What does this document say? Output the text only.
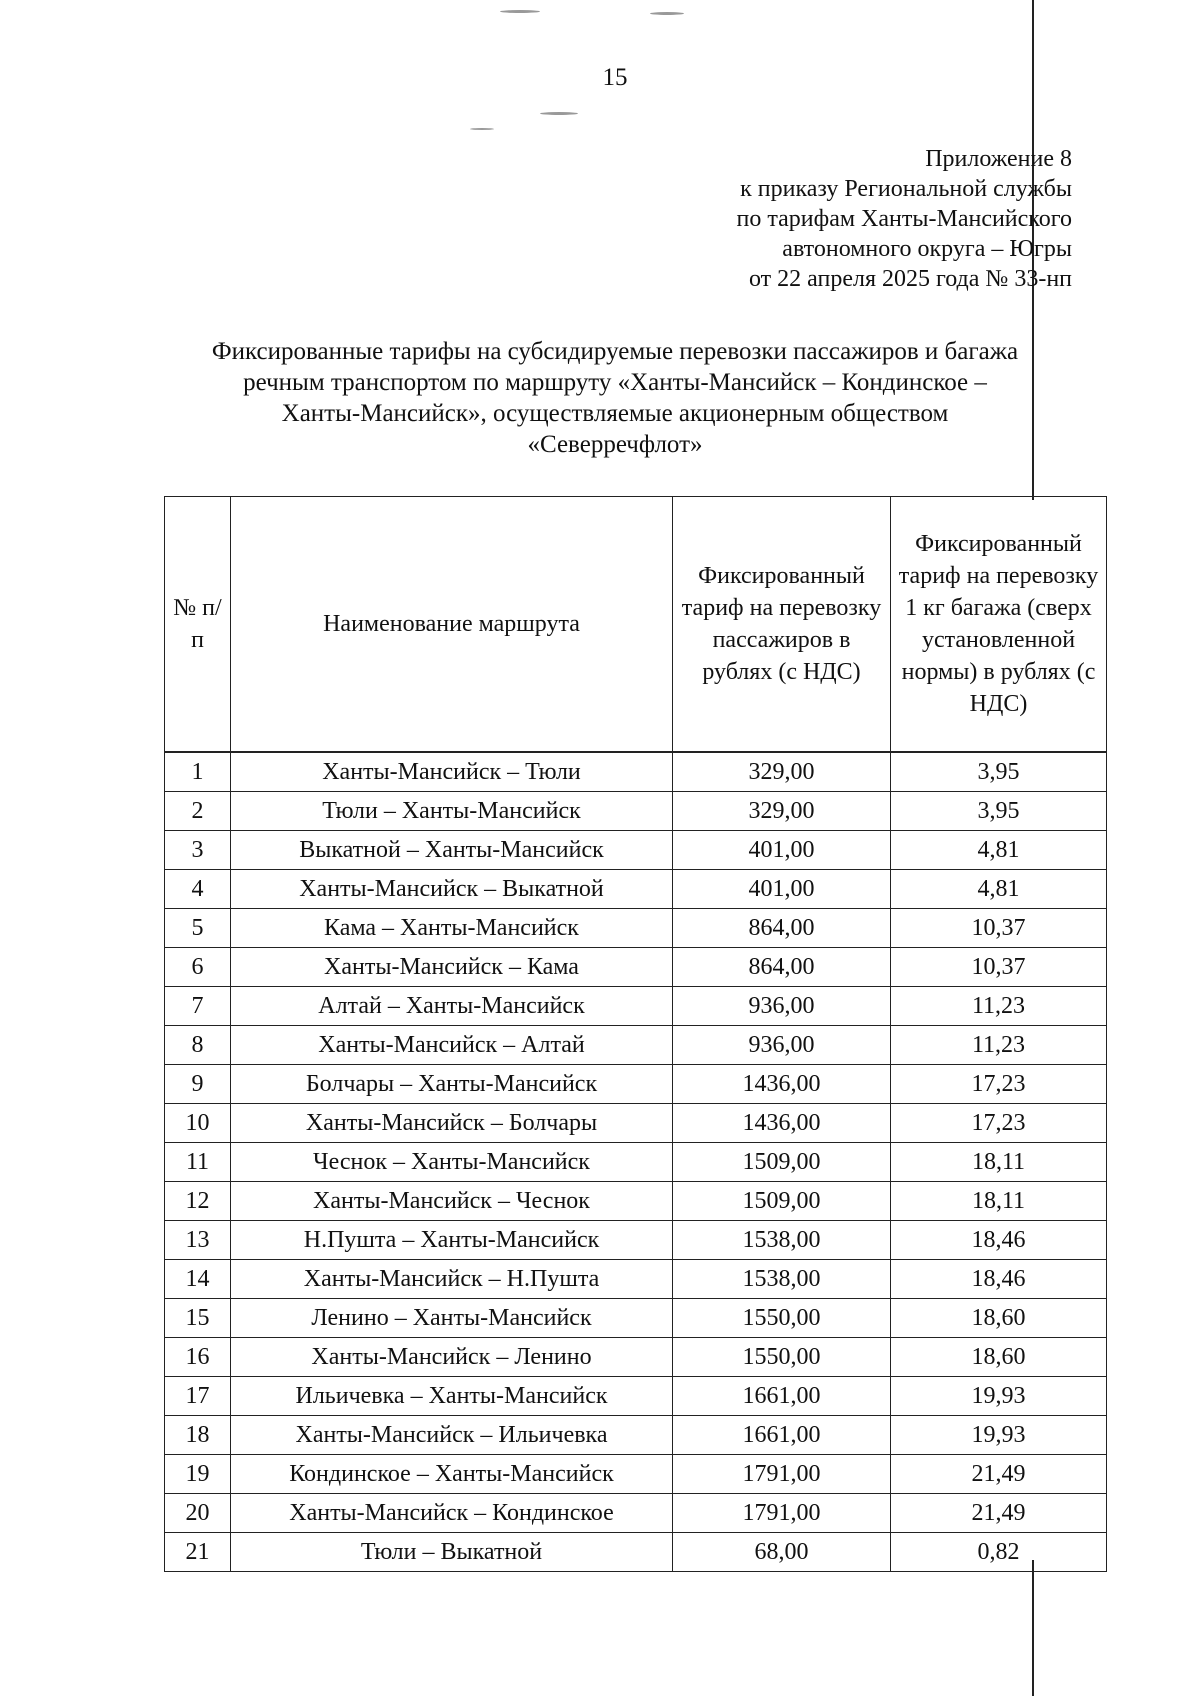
15
Приложение 8
к приказу Региональной службы
по тарифам Ханты-Мансийского
автономного округа – Югры
от 22 апреля 2025 года № 33-нп
Фиксированные тарифы на субсидируемые перевозки пассажиров и багажа
речным транспортом по маршруту «Ханты-Мансийск – Кондинское –
Ханты-Мансийск», осуществляемые акционерным обществом
«Северречфлот»
№ п/п	Наименование маршрута	Фиксированный тариф на перевозку пассажиров в рублях (с НДС)	Фиксированный тариф на перевозку 1 кг багажа (сверх установленной нормы) в рублях (с НДС)
1	Ханты-Мансийск – Тюли	329,00	3,95
2	Тюли – Ханты-Мансийск	329,00	3,95
3	Выкатной – Ханты-Мансийск	401,00	4,81
4	Ханты-Мансийск – Выкатной	401,00	4,81
5	Кама – Ханты-Мансийск	864,00	10,37
6	Ханты-Мансийск – Кама	864,00	10,37
7	Алтай – Ханты-Мансийск	936,00	11,23
8	Ханты-Мансийск – Алтай	936,00	11,23
9	Болчары – Ханты-Мансийск	1436,00	17,23
10	Ханты-Мансийск – Болчары	1436,00	17,23
11	Чеснок – Ханты-Мансийск	1509,00	18,11
12	Ханты-Мансийск – Чеснок	1509,00	18,11
13	Н.Пушта – Ханты-Мансийск	1538,00	18,46
14	Ханты-Мансийск – Н.Пушта	1538,00	18,46
15	Ленино – Ханты-Мансийск	1550,00	18,60
16	Ханты-Мансийск – Ленино	1550,00	18,60
17	Ильичевка – Ханты-Мансийск	1661,00	19,93
18	Ханты-Мансийск – Ильичевка	1661,00	19,93
19	Кондинское – Ханты-Мансийск	1791,00	21,49
20	Ханты-Мансийск – Кондинское	1791,00	21,49
21	Тюли – Выкатной	68,00	0,82
